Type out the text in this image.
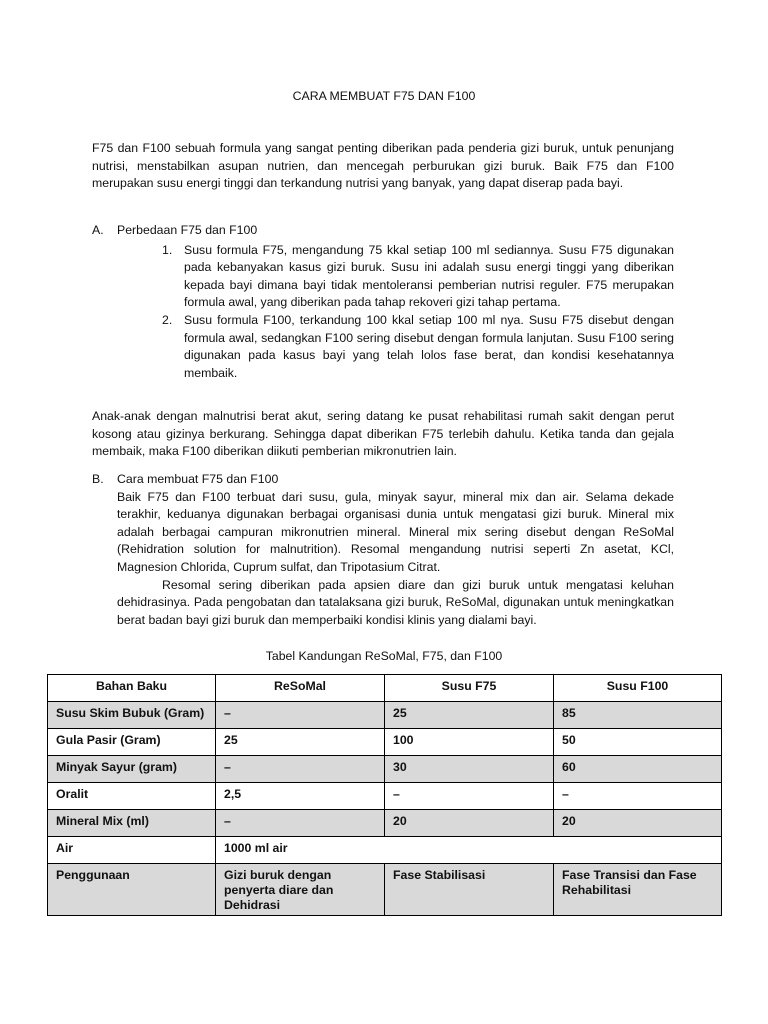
CARA MEMBUAT F75 DAN F100
F75 dan F100 sebuah formula yang sangat penting diberikan pada penderia gizi buruk, untuk penunjang nutrisi, menstabilkan asupan nutrien, dan mencegah perburukan gizi buruk. Baik F75 dan F100 merupakan susu energi tinggi dan terkandung nutrisi yang banyak, yang dapat diserap pada bayi.
A. Perbedaan F75 dan F100
1. Susu formula F75, mengandung 75 kkal setiap 100 ml sediannya. Susu F75 digunakan pada kebanyakan kasus gizi buruk. Susu ini adalah susu energi tinggi yang diberikan kepada bayi dimana bayi tidak mentoleransi pemberian nutrisi reguler. F75 merupakan formula awal, yang diberikan pada tahap rekoveri gizi tahap pertama.
2. Susu formula F100, terkandung 100 kkal setiap 100 ml nya. Susu F75 disebut dengan formula awal, sedangkan F100 sering disebut dengan formula lanjutan. Susu F100 sering digunakan pada kasus bayi yang telah lolos fase berat, dan kondisi kesehatannya membaik.
Anak-anak dengan malnutrisi berat akut, sering datang ke pusat rehabilitasi rumah sakit dengan perut kosong atau gizinya berkurang. Sehingga dapat diberikan F75 terlebih dahulu. Ketika tanda dan gejala membaik, maka F100 diberikan diikuti pemberian mikronutrien lain.
B. Cara membuat F75 dan F100

Baik F75 dan F100 terbuat dari susu, gula, minyak sayur, mineral mix dan air. Selama dekade terakhir, keduanya digunakan berbagai organisasi dunia untuk mengatasi gizi buruk. Mineral mix adalah berbagai campuran mikronutrien mineral. Mineral mix sering disebut dengan ReSoMal (Rehidration solution for malnutrition). Resomal mengandung nutrisi seperti Zn asetat, KCl, Magnesion Chlorida, Cuprum sulfat, dan Tripotasium Citrat.

Resomal sering diberikan pada apsien diare dan gizi buruk untuk mengatasi keluhan dehidrasinya. Pada pengobatan dan tatalaksana gizi buruk, ReSoMal, digunakan untuk meningkatkan berat badan bayi gizi buruk dan memperbaiki kondisi klinis yang dialami bayi.

Tabel Kandungan ReSoMal, F75, dan F100
Bahan Baku	ReSoMal	Susu F75	Susu F100
Susu Skim Bubuk (Gram)	–	25	85
Gula Pasir (Gram)	25	100	50
Minyak Sayur (gram)	–	30	60
Oralit	2,5	–	–
Mineral Mix (ml)	–	20	20
Air	1000 ml air		
Penggunaan	Gizi buruk dengan penyerta diare dan Dehidrasi	Fase Stabilisasi	Fase Transisi dan Fase Rehabilitasi
